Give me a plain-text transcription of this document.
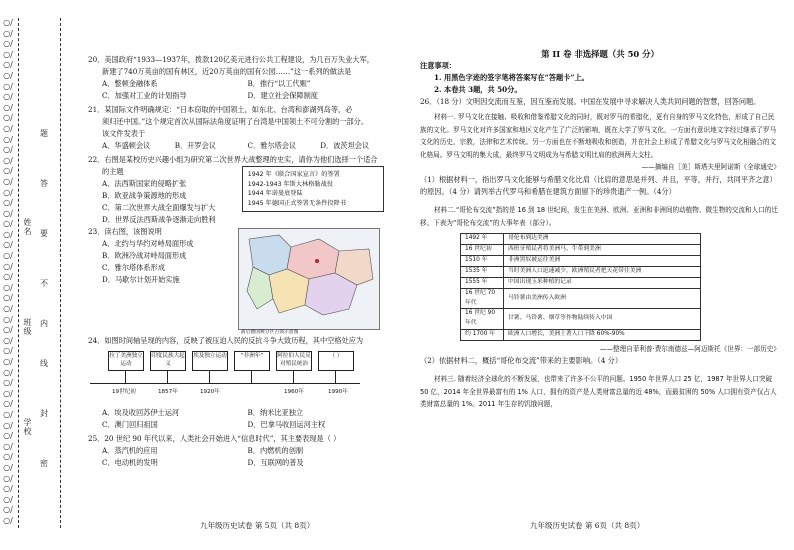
○/○/○/○/○/○/○/○/○/○/○/○/○/○/○/○/○/○/○/○/○/○/○/○/○/○/○/○/○/○/○/○/○/○/○/○/○/○/○/○/○/○/○/○/○/○/○/○/
姓名
班级
学校
题
答
要
不
内
线
封
密

20．美国政府“1933—1937年，拨款120亿美元进行公共工程建设，为几百万失业大军，

新建了740万英亩的国有林区，近20万英亩的国有公园……”这一系列的做法是

A．整顿金融体系	B．推行“以工代赈”
C．加强对工业的计划指导	D．建立社会保障制度

21．某国际文件明确规定：“日本窃取的中国领土，如东北、台湾和澎湖列岛等，必

须归还中国。”这个规定首次从国际法角度证明了台湾是中国领土不可分割的一部分。

该文件发表于

A．华盛顿会议	B．开罗会议	C．雅尔塔会议	D．波茨坦会议

22．右图是某校历史兴趣小组为研究第二次世界大战整理的史实，请你为他们选择一个适合

的主题

A．法西斯国家的侵略扩张

B．欧亚战争策源地的形成

C．第二次世界大战全面爆发与扩大

D．世界反法西斯战争逐渐走向胜利

23．读右图，该图说明

A．北约与华约对峙局面形成

B．欧洲冷战对峙局面形成

C．雅尔塔体系形成

D．马歇尔计划开始实施

1942 年《联合国家宣言》的签署
1942-1943 年斯大林格勒战役
1944 年诺曼底登陆
1945 年德国正式签署无条件投降书
战后德国被分区占领示意图

24．如图时间轴呈现的内容，反映了被压迫人民的反抗斗争大致历程，其中空格处应为

拉丁美洲独立运动
印度民族大起义
埃及独立运动	“非洲年”	阿拉伯人民反对殖民统治
（ ）
19世纪初	1857年	1920年	1960年	1990年
A．埃及收回苏伊士运河	B．纳米比亚独立
C．澳门回归祖国	D．巴拿马收回运河主权

25．20 世纪 90 年代以来，人类社会开始进入“信息时代”，其主要表现是（ ）

A．蒸汽机的应用	B．内燃机的创制
C．电动机的发明	D．互联网的普及

第 II 卷 非选择题（共 50 分）

注意事项：

1. 用黑色字迹的签字笔将答案写在“答题卡”上。

2. 本卷共 3题，共 50分。

26．（18 分）文明因交流而互鉴，因互鉴而发展。中国在发展中寻求解决人类共同问题的智慧，回答问题。

材料一. 罗马文化在接触、吸收和借鉴希腊文化的同时，既对罗马的希腊化，更有自身的罗马文化特色，形成了自己民族的文化。罗马文化对许多国家和地区文化产生了广泛的影响，既在大学了罗马文化，一方面有意识地文字经过继承了罗马文化的历史，宗教，法律和艺术传统。另一方面也在不断地吸收和创造，并在社会上形成了希腊文化与罗马文化相融合的文化格局。罗马文明的集大成，最终罗马文明成为与希腊文明比肩的欧洲两大支柱。

——摘编自［美］斯塔夫里阿诺斯《全球通史》

（1）根据材料一，指出罗马文化能够与希腊文化比肩（比肩的意思是并列、并且，平等，并行，共同平齐之意）的原因。（4 分）请列举古代罗马和希腊在建筑方面留下的珍贵遗产一例。（4分）

材料二.“哥伦布交流”指的是 16 到 18 世纪间，发生在美洲、欧洲、亚洲和非洲间的动植物、微生物的交流和人口的迁移。下表为“哥伦布交流”的大事年表（部分）。

1492 年	哥伦布到达美洲
16 世纪初	西班牙殖民者将美洲马、牛带到美洲
1510 年	非洲黑奴被运往美洲
1535 年	当时美洲人口迅速减少，欧洲殖民者把天花带往美洲
1555 年	中国出现玉米种植的记录
16 世纪 70 年代	马铃薯由美洲传入欧洲
16 世纪 90 年代	甘薯、马铃薯、烟草等作物陆续传入中国
约 1700 年	欧洲人口增长，美洲土著人口下降 60%-90%

——整理自菲利普·费尔南德兹—阿迈斯托《世界：一部历史》

（2）依据材料二，概括“哥伦布交流”带来的主要影响。（4 分）

材料三. 随着经济全球化的不断发展，也带来了许多不公平的问题。1950 年世界人口 25 亿，1987 年世界人口突破 50 亿，2014 年全世界最富有的 1% 人口，拥有的资产是人类财富总量的近 48%，而最贫困的 50% 人口拥有资产仅占人类财富总量的 1%。2011 年生存的饥饿问题，

九年级历史试卷 第 5页（共 8页）	九年级历史试卷 第 6页（共 8页）
